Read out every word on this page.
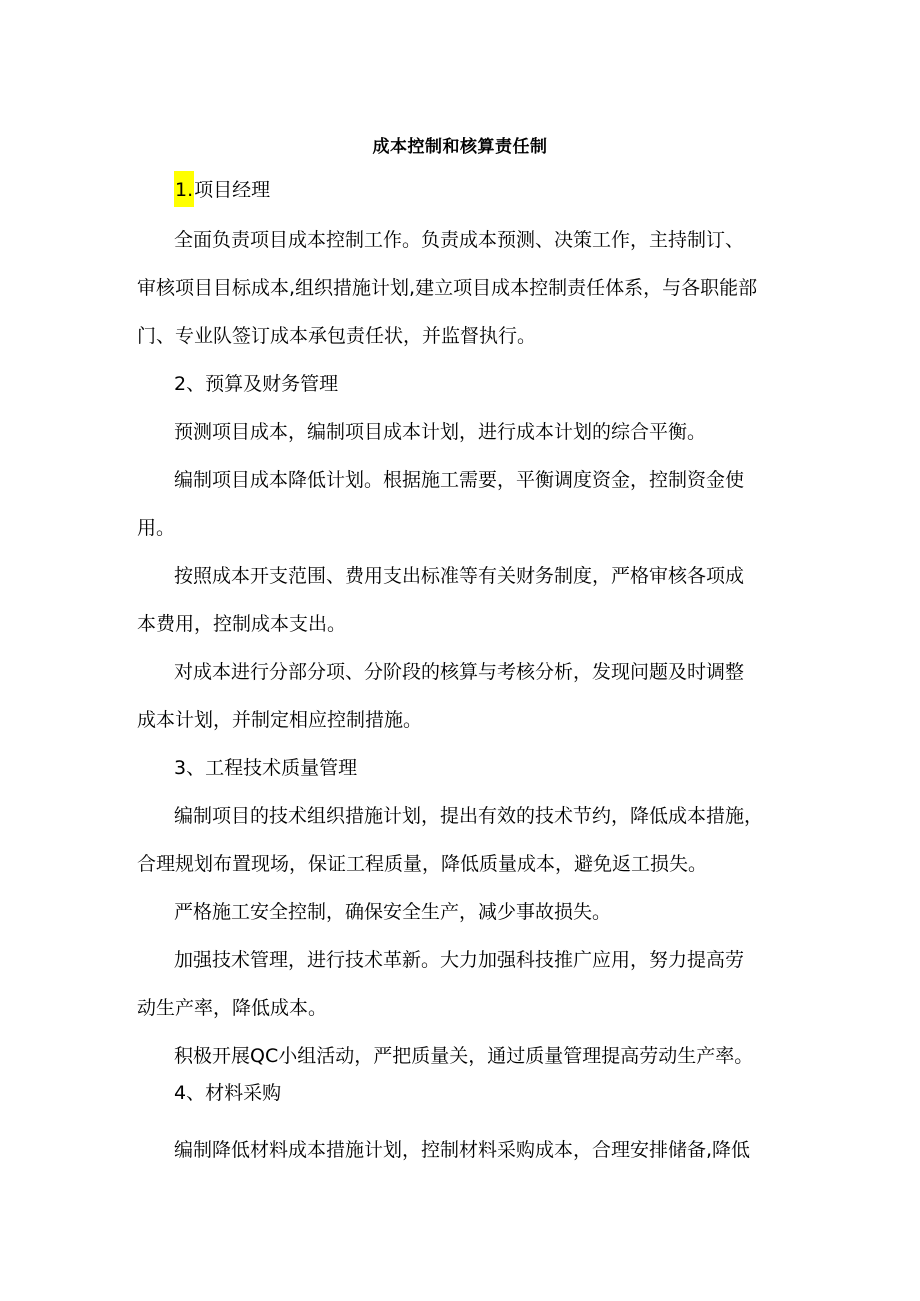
成本控制和核算责任制
1.项目经理
全面负责项目成本控制工作。负责成本预测、决策工作，主持制订、
审核项目目标成本,组织措施计划,建立项目成本控制责任体系，与各职能部
门、专业队签订成本承包责任状，并监督执行。
2、预算及财务管理
预测项目成本，编制项目成本计划，进行成本计划的综合平衡。
编制项目成本降低计划。根据施工需要，平衡调度资金，控制资金使
用。
按照成本开支范围、费用支出标准等有关财务制度，严格审核各项成
本费用，控制成本支出。
对成本进行分部分项、分阶段的核算与考核分析，发现问题及时调整
成本计划，并制定相应控制措施。
3、工程技术质量管理
编制项目的技术组织措施计划，提出有效的技术节约，降低成本措施，
合理规划布置现场，保证工程质量，降低质量成本，避免返工损失。
严格施工安全控制，确保安全生产，减少事故损失。
加强技术管理，进行技术革新。大力加强科技推广应用，努力提高劳
动生产率，降低成本。
积极开展QC小组活动，严把质量关，通过质量管理提高劳动生产率。
4、材料采购
编制降低材料成本措施计划，控制材料采购成本，合理安排储备,降低
